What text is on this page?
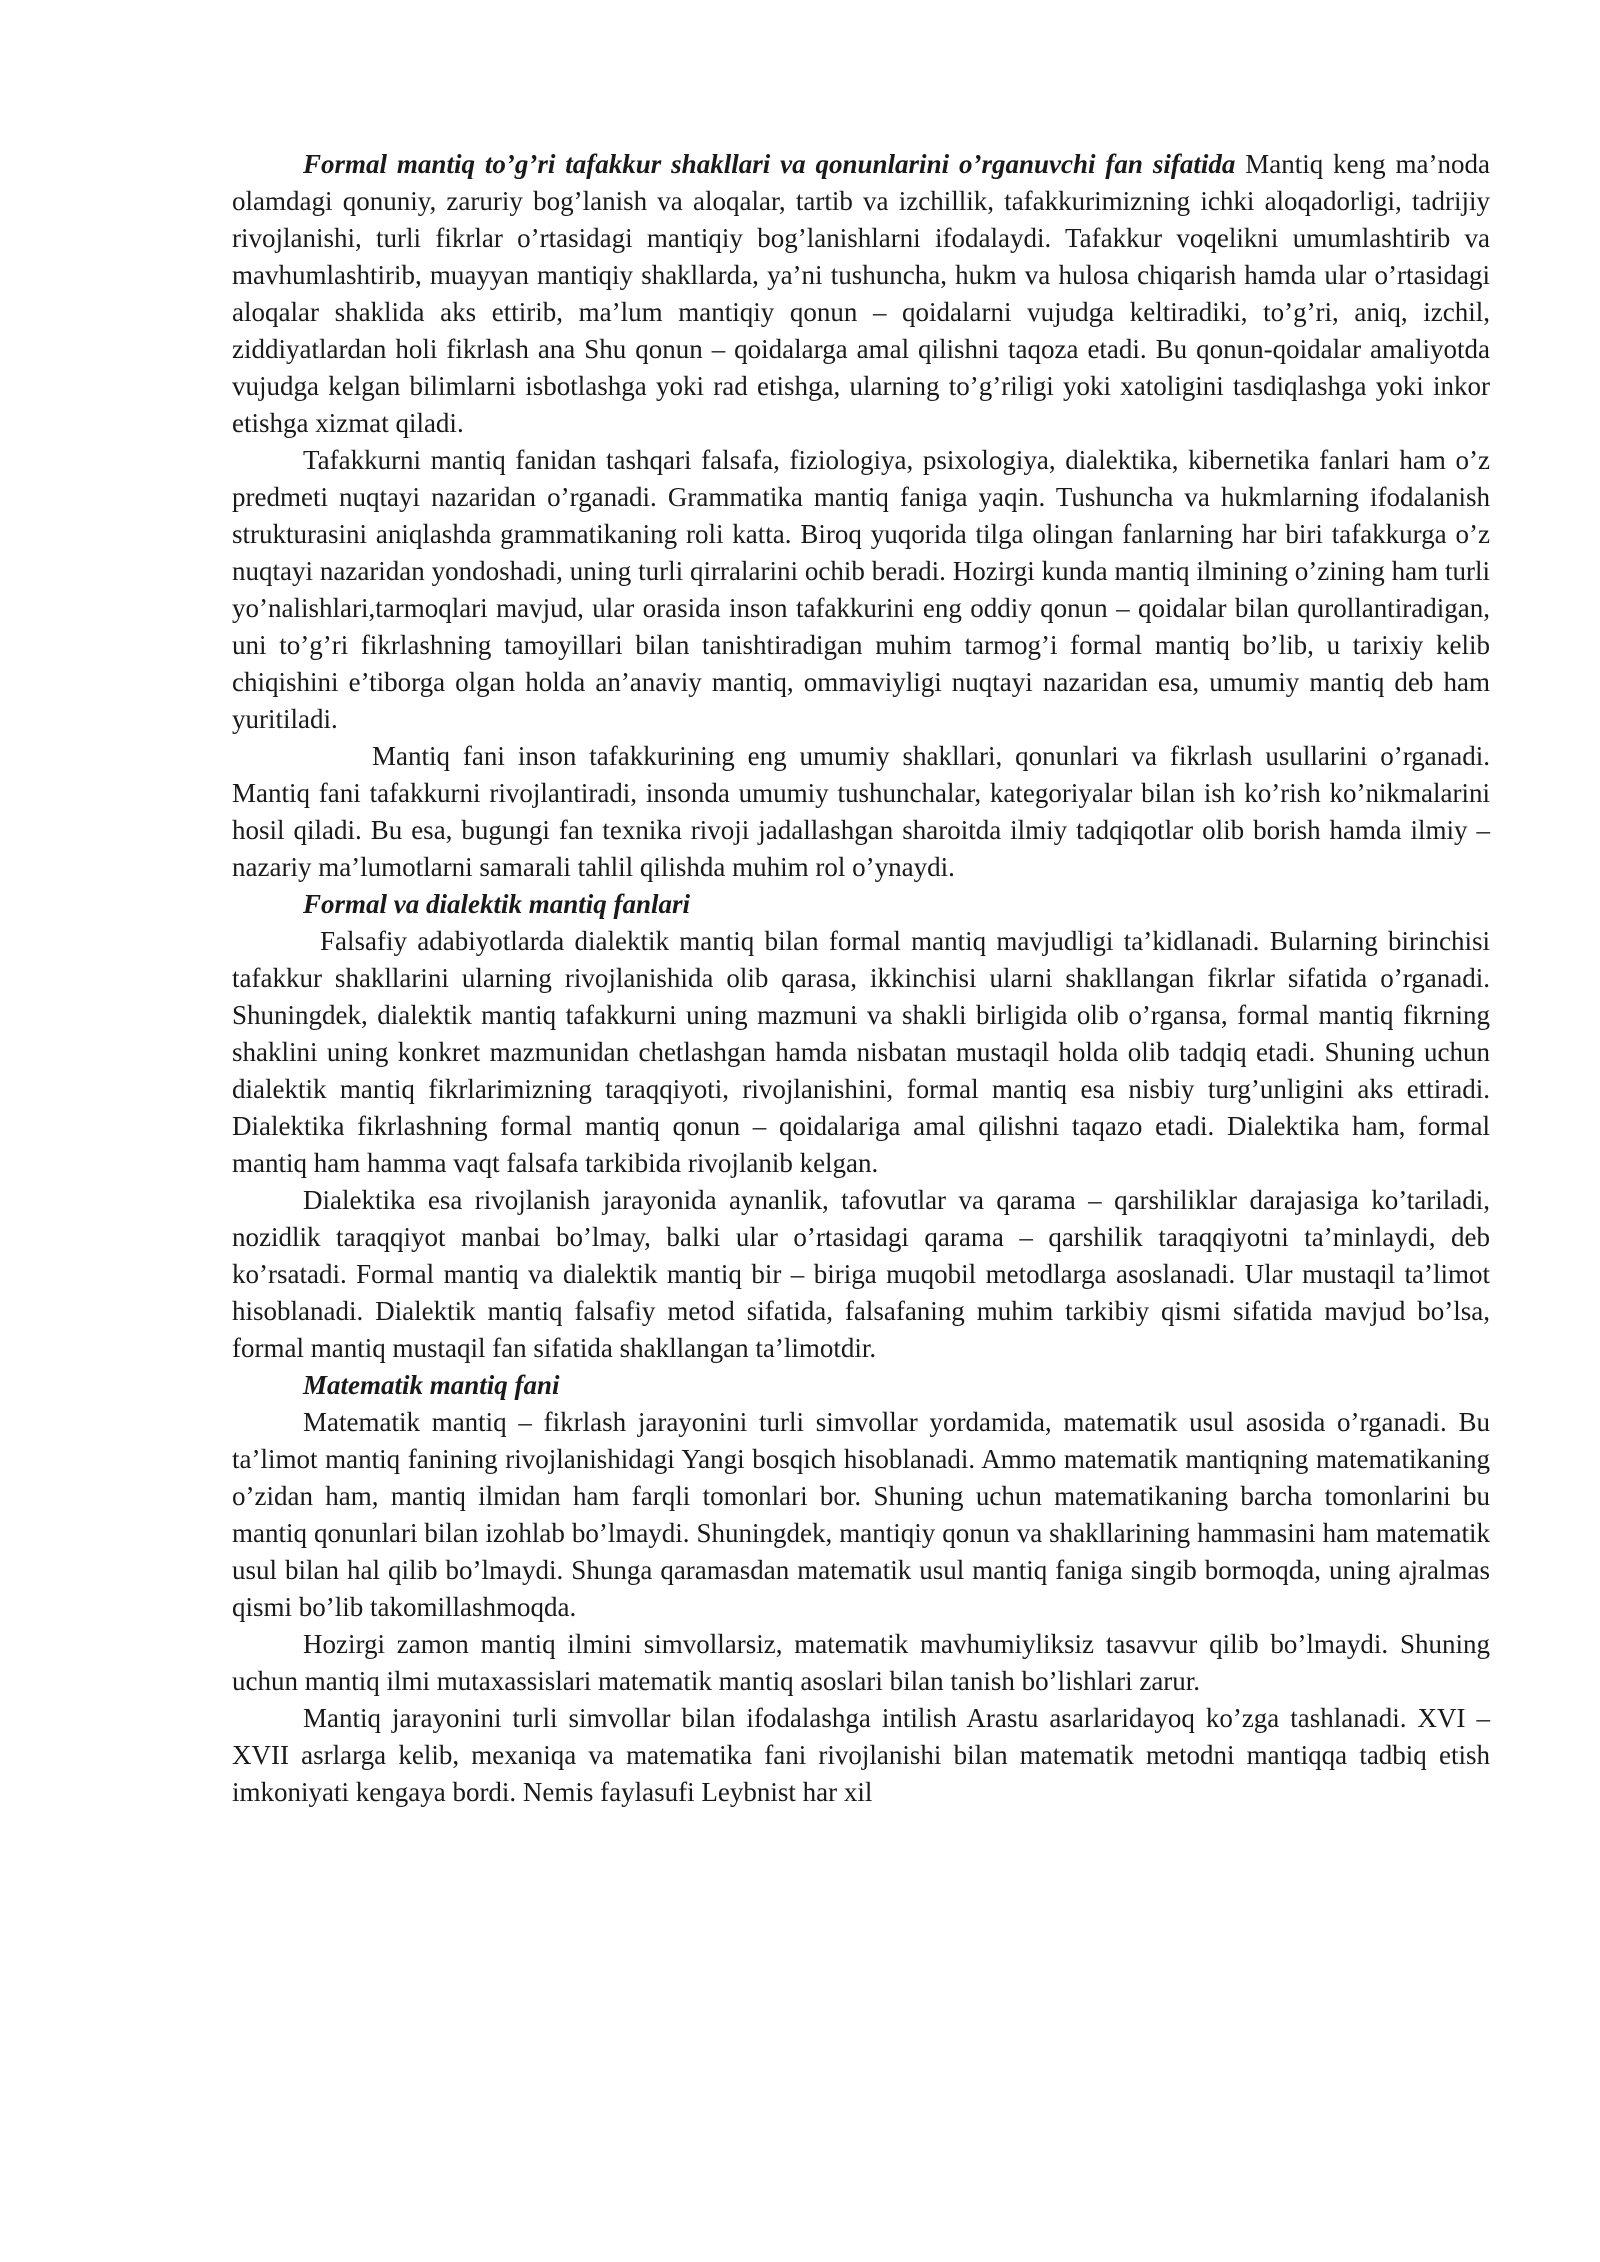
Formal mantiq to’g’ri tafakkur shakllari va qonunlarini o’rganuvchi fan sifatida Mantiq keng ma’noda olamdagi qonuniy, zaruriy bog’lanish va aloqalar, tartib va izchillik, tafakkurimizning ichki aloqadorligi, tadrijiy rivojlanishi, turli fikrlar o’rtasidagi mantiqiy bog’lanishlarni ifodalaydi. Tafakkur voqelikni umumlashtirib va mavhumlashtirib, muayyan mantiqiy shakllarda, ya’ni tushuncha, hukm va hulosa chiqarish hamda ular o’rtasidagi aloqalar shaklida aks ettirib, ma’lum mantiqiy qonun – qoidalarni vujudga keltiradiki, to’g’ri, aniq, izchil, ziddiyatlardan holi fikrlash ana Shu qonun – qoidalarga amal qilishni taqoza etadi. Bu qonun-qoidalar amaliyotda vujudga kelgan bilimlarni isbotlashga yoki rad etishga, ularning to’g’riligi yoki xatoligini tasdiqlashga yoki inkor etishga xizmat qiladi.

Tafakkurni mantiq fanidan tashqari falsafa, fiziologiya, psixologiya, dialektika, kibernetika fanlari ham o’z predmeti nuqtayi nazaridan o’rganadi. Grammatika mantiq faniga yaqin. Tushuncha va hukmlarning ifodalanish strukturasini aniqlashda grammatikaning roli katta. Biroq yuqorida tilga olingan fanlarning har biri tafakkurga o’z nuqtayi nazaridan yondoshadi, uning turli qirralarini ochib beradi. Hozirgi kunda mantiq ilmining o’zining ham turli yo’nalishlari,tarmoqlari mavjud, ular orasida inson tafakkurini eng oddiy qonun – qoidalar bilan qurollantiradigan, uni to’g’ri fikrlashning tamoyillari bilan tanishtiradigan muhim tarmog’i formal mantiq bo’lib, u tarixiy kelib chiqishini e’tiborga olgan holda an’anaviy mantiq, ommaviyligi nuqtayi nazaridan esa, umumiy mantiq deb ham yuritiladi.

Mantiq fani inson tafakkurining eng umumiy shakllari, qonunlari va fikrlash usullarini o’rganadi. Mantiq fani tafakkurni rivojlantiradi, insonda umumiy tushunchalar, kategoriyalar bilan ish ko’rish ko’nikmalarini hosil qiladi. Bu esa, bugungi fan texnika rivoji jadallashgan sharoitda ilmiy tadqiqotlar olib borish hamda ilmiy – nazariy ma’lumotlarni samarali tahlil qilishda muhim rol o’ynaydi.

Formal va dialektik mantiq fanlari

Falsafiy adabiyotlarda dialektik mantiq bilan formal mantiq mavjudligi ta’kidlanadi. Bularning birinchisi tafakkur shakllarini ularning rivojlanishida olib qarasa, ikkinchisi ularni shakllangan fikrlar sifatida o’rganadi. Shuningdek, dialektik mantiq tafakkurni uning mazmuni va shakli birligida olib o’rgansa, formal mantiq fikrning shaklini uning konkret mazmunidan chetlashgan hamda nisbatan mustaqil holda olib tadqiq etadi. Shuning uchun dialektik mantiq fikrlarimizning taraqqiyoti, rivojlanishini, formal mantiq esa nisbiy turg’unligini aks ettiradi. Dialektika fikrlashning formal mantiq qonun – qoidalariga amal qilishni taqazo etadi. Dialektika ham, formal mantiq ham hamma vaqt falsafa tarkibida rivojlanib kelgan.

Dialektika esa rivojlanish jarayonida aynanlik, tafovutlar va qarama – qarshiliklar darajasiga ko’tariladi, nozidlik taraqqiyot manbai bo’lmay, balki ular o’rtasidagi qarama – qarshilik taraqqiyotni ta’minlaydi, deb ko’rsatadi. Formal mantiq va dialektik mantiq bir – biriga muqobil metodlarga asoslanadi. Ular mustaqil ta’limot hisoblanadi. Dialektik mantiq falsafiy metod sifatida, falsafaning muhim tarkibiy qismi sifatida mavjud bo’lsa, formal mantiq mustaqil fan sifatida shakllangan ta’limotdir.

Matematik mantiq fani

Matematik mantiq – fikrlash jarayonini turli simvollar yordamida, matematik usul asosida o’rganadi. Bu ta’limot mantiq fanining rivojlanishidagi Yangi bosqich hisoblanadi. Ammo matematik mantiqning matematikaning o’zidan ham, mantiq ilmidan ham farqli tomonlari bor. Shuning uchun matematikaning barcha tomonlarini bu mantiq qonunlari bilan izohlab bo’lmaydi. Shuningdek, mantiqiy qonun va shakllarining hammasini ham matematik usul bilan hal qilib bo’lmaydi. Shunga qaramasdan matematik usul mantiq faniga singib bormoqda, uning ajralmas qismi bo’lib takomillashmoqda.

Hozirgi zamon mantiq ilmini simvollarsiz, matematik mavhumiyliksiz tasavvur qilib bo’lmaydi. Shuning uchun mantiq ilmi mutaxassislari matematik mantiq asoslari bilan tanish bo’lishlari zarur.

Mantiq jarayonini turli simvollar bilan ifodalashga intilish Arastu asarlaridayoq ko’zga tashlanadi. XVI – XVII asrlarga kelib, mexaniqa va matematika fani rivojlanishi bilan matematik metodni mantiqqa tadbiq etish imkoniyati kengaya bordi. Nemis faylasufi Leybnist har xil
